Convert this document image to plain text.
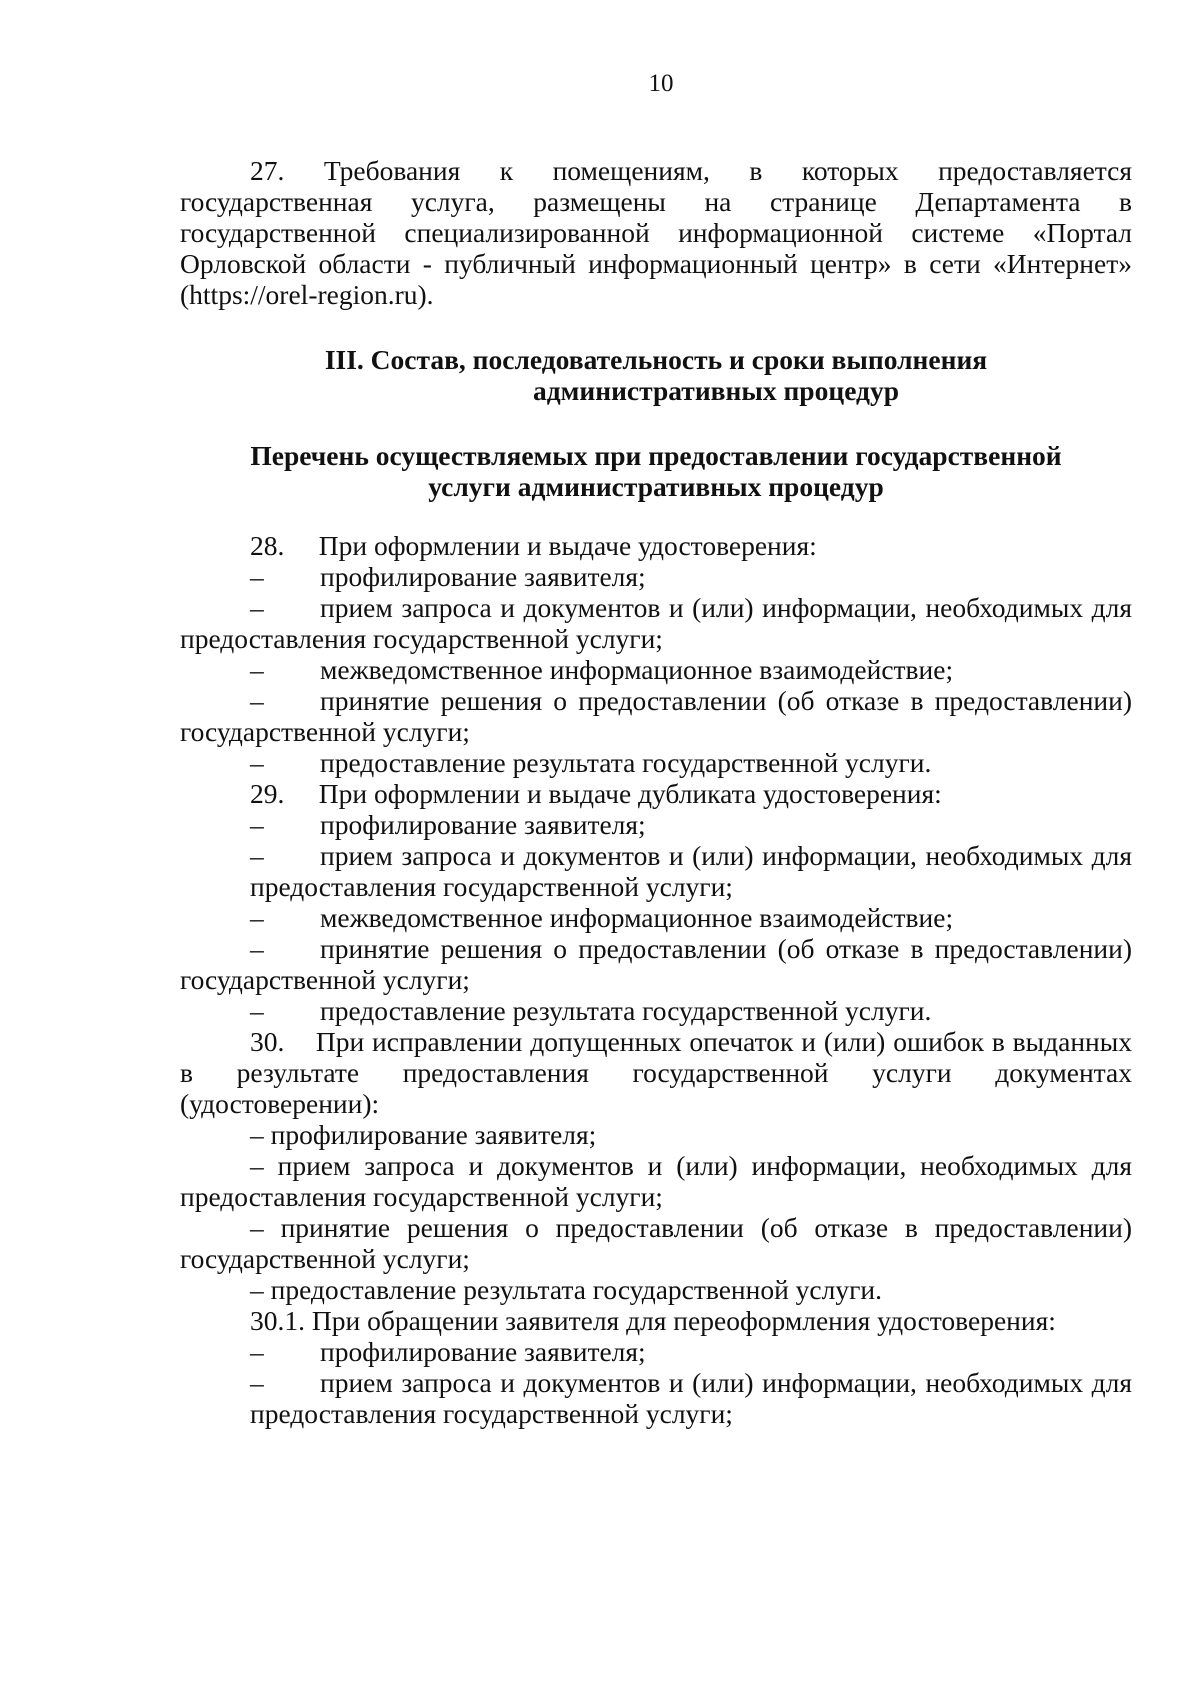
10

27. Требования к помещениям, в которых предоставляется государственная услуга, размещены на странице Департамента в государственной специализированной информационной системе «Портал Орловской области - публичный информационный центр» в сети «Интернет» (https://orel-region.ru).

III. Состав, последовательность и сроки выполнения
административных процедур
Перечень осуществляемых при предоставлении государственной
услуги административных процедур

28. При оформлении и выдаче удостоверения:

– профилирование заявителя;

– прием запроса и документов и (или) информации, необходимых для предоставления государственной услуги;

– межведомственное информационное взаимодействие;

– принятие решения о предоставлении (об отказе в предоставлении) государственной услуги;

– предоставление результата государственной услуги.

29. При оформлении и выдаче дубликата удостоверения:

– профилирование заявителя;

– прием запроса и документов и (или) информации, необходимых для предоставления государственной услуги;

– межведомственное информационное взаимодействие;

– принятие решения о предоставлении (об отказе в предоставлении) государственной услуги;

– предоставление результата государственной услуги.

30. При исправлении допущенных опечаток и (или) ошибок в выданных в результате предоставления государственной услуги документах (удостоверении):

– профилирование заявителя;

– прием запроса и документов и (или) информации, необходимых для предоставления государственной услуги;

– принятие решения о предоставлении (об отказе в предоставлении) государственной услуги;

– предоставление результата государственной услуги.

30.1. При обращении заявителя для переоформления удостоверения:

– профилирование заявителя;

– прием запроса и документов и (или) информации, необходимых для предоставления государственной услуги;
